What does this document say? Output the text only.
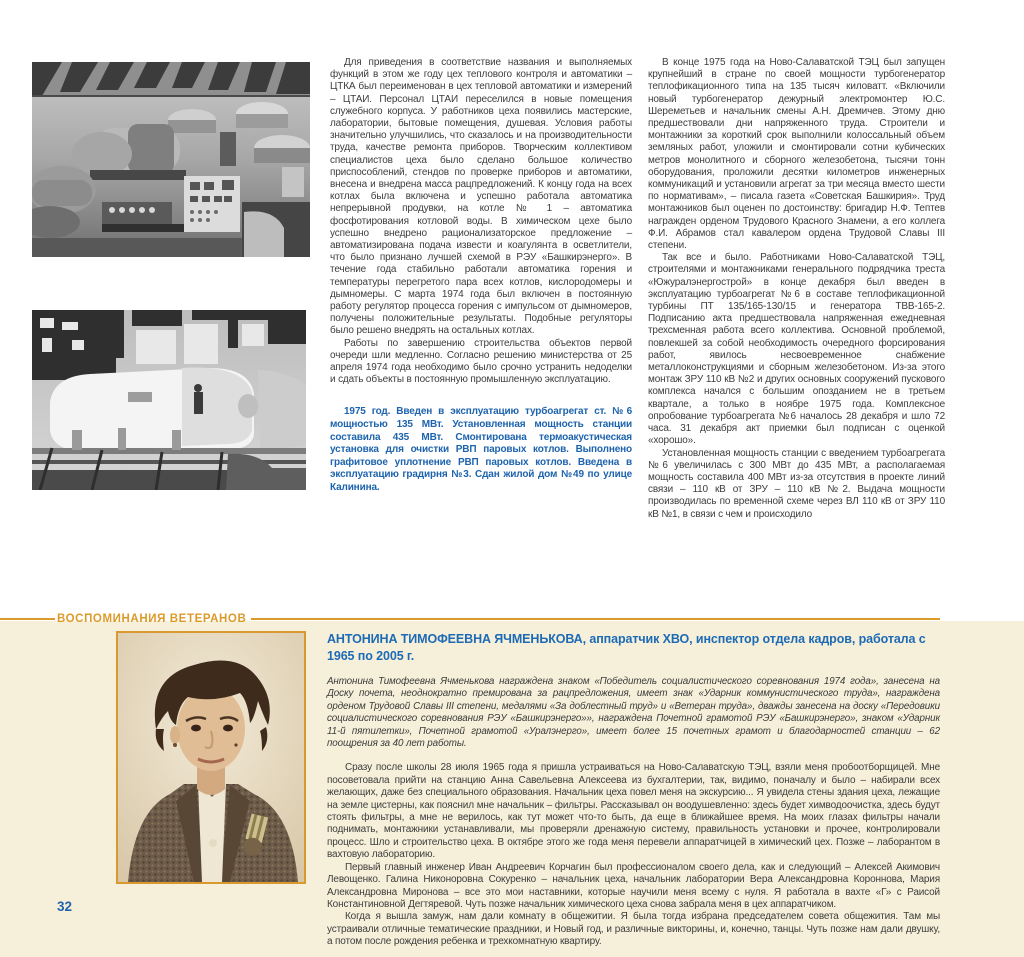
Для приведения в соответствие названия и выполняемых функций в этом же году цех теплового контроля и автоматики – ЦТКА был переименован в цех тепловой автоматики и измерений – ЦТАИ. Персонал ЦТАИ переселился в новые помещения служебного корпуса. У работников цеха появились мастерские, лаборатории, бытовые помещения, душевая. Условия работы значительно улучшились, что сказалось и на производительности труда, качестве ремонта приборов. Творческим коллективом специалистов цеха было сделано большое количество приспособлений, стендов по проверке приборов и автоматики, внесена и внедрена масса рацпредложений. К концу года на всех котлах была включена и успешно работала автоматика непрерывной продувки, на котле № 1 – автоматика фосфотирования котловой воды. В химическом цехе было успешно внедрено рационализаторское предложение – автоматизирована подача извести и коагулянта в осветлители, что было признано лучшей схемой в РЭУ «Башкирэнерго». В течение года стабильно работали автоматика горения и температуры перегретого пара всех котлов, кислородомеры и дымномеры. С марта 1974 года был включен в постоянную работу регулятор процесса горения с импульсом от дымномеров, получены положительные результаты. Подобные регуляторы было решено внедрять на остальных котлах.

Работы по завершению строительства объектов первой очереди шли медленно. Согласно решению министерства от 25 апреля 1974 года необходимо было срочно устранить недоделки и сдать объекты в постоянную промышленную эксплуатацию.

1975 год. Введен в эксплуатацию турбоагрегат ст. №6 мощностью 135 МВт. Установленная мощность станции составила 435 МВт. Смонтирована термоакустическая установка для очистки РВП паровых котлов. Выполнено графитовое уплотнение РВП паровых котлов. Введена в эксплуатацию градирня №3. Сдан жилой дом №49 по улице Калинина.

В конце 1975 года на Ново-Салаватской ТЭЦ был запущен крупнейший в стране по своей мощности турбогенератор теплофикационного типа на 135 тысяч киловатт. «Включили новый турбогенератор дежурный электромонтер Ю.С. Шереметьев и начальник смены А.Н. Дремичев. Этому дню предшествовали дни напряженного труда. Строители и монтажники за короткий срок выполнили колоссальный объем земляных работ, уложили и смонтировали сотни кубических метров монолитного и сборного железобетона, тысячи тонн оборудования, проложили десятки километров инженерных коммуникаций и установили агрегат за три месяца вместо шести по нормативам», – писала газета «Советская Башкирия». Труд монтажников был оценен по достоинству: бригадир Н.Ф. Тептев награжден орденом Трудового Красного Знамени, а его коллега Ф.И. Абрамов стал кавалером ордена Трудовой Славы III степени.

Так все и было. Работниками Ново-Салаватской ТЭЦ, строителями и монтажниками генерального подрядчика треста «Южуралэнергострой» в конце декабря был введен в эксплуатацию турбоагрегат №6 в составе теплофикационной турбины ПТ 135/165-130/15 и генератора ТВВ-165-2. Подписанию акта предшествовала напряженная ежедневная трехсменная работа всего коллектива. Основной проблемой, повлекшей за собой необходимость очередного форсирования работ, явилось несвоевременное снабжение металлоконструкциями и сборным железобетоном. Из-за этого монтаж ЗРУ 110 кВ №2 и других основных сооружений пускового комплекса начался с большим опозданием не в третьем квартале, а только в ноябре 1975 года. Комплексное опробование турбоагрегата №6 началось 28 декабря и шло 72 часа. 31 декабря акт приемки был подписан с оценкой «хорошо».

Установленная мощность станции с введением турбоагрегата №6 увеличилась с 300 МВт до 435 МВт, а располагаемая мощность составила 400 МВт из-за отсутствия в проекте линий связи – 110 кВ от ЗРУ – 110 кВ №2. Выдача мощности производилась по временной схеме через ВЛ 110 кВ от ЗРУ 110 кВ №1, в связи с чем и происходило

ВОСПОМИНАНИЯ ВЕТЕРАНОВ
АНТОНИНА ТИМОФЕЕВНА ЯЧМЕНЬКОВА, аппаратчик ХВО, инспектор отдела кадров, работала с 1965 по 2005 г.

Антонина Тимофеевна Ячменькова награждена знаком «Победитель социалистического соревнования 1974 года», занесена на Доску почета, неоднократно премирована за рацпредложения, имеет знак «Ударник коммунистического труда», награждена орденом Трудовой Славы III степени, медалями «За доблестный труд» и «Ветеран труда», дважды занесена на доску «Передовики социалистического соревнования РЭУ «Башкирэнерго»», награждена Почетной грамотой РЭУ «Башкирэнерго», знаком «Ударник 11-й пятилетки», Почетной грамотой «Уралэнерго», имеет более 15 почетных грамот и благодарностей станции – 62 поощрения за 40 лет работы.

Сразу после школы 28 июля 1965 года я пришла устраиваться на Ново-Салаватскую ТЭЦ, взяли меня пробоотборщицей. Мне посоветовала прийти на станцию Анна Савельевна Алексеева из бухгалтерии, так, видимо, поначалу и было – набирали всех желающих, даже без специального образования. Начальник цеха повел меня на экскурсию... Я увидела стены здания цеха, лежащие на земле цистерны, как пояснил мне начальник – фильтры. Рассказывал он воодушевленно: здесь будет химводоочистка, здесь будут стоять фильтры, а мне не верилось, как тут может что-то быть, да еще в ближайшее время. На моих глазах фильтры начали поднимать, монтажники устанавливали, мы проверяли дренажную систему, правильность установки и прочее, контролировали процесс. Шло и строительство цеха. В октябре этого же года меня перевели аппаратчицей в химический цех. Позже – лаборантом в вахтовую лабораторию.

Первый главный инженер Иван Андреевич Корчагин был профессионалом своего дела, как и следующий – Алексей Акимович Левощенко. Галина Никоноровна Сокуренко – начальник цеха, начальник лаборатории Вера Александровна Короннова, Мария Александровна Миронова – все это мои наставники, которые научили меня всему с нуля. Я работала в вахте «Г» с Раисой Константиновной Дегтяревой. Чуть позже начальник химического цеха снова забрала меня в цех аппаратчиком.

Когда я вышла замуж, нам дали комнату в общежитии. Я была тогда избрана председателем совета общежития. Там мы устраивали отличные тематические праздники, и Новый год, и различные викторины, и, конечно, танцы. Чуть позже нам дали двушку, а потом после рождения ребенка и трехкомнатную квартиру.

32
